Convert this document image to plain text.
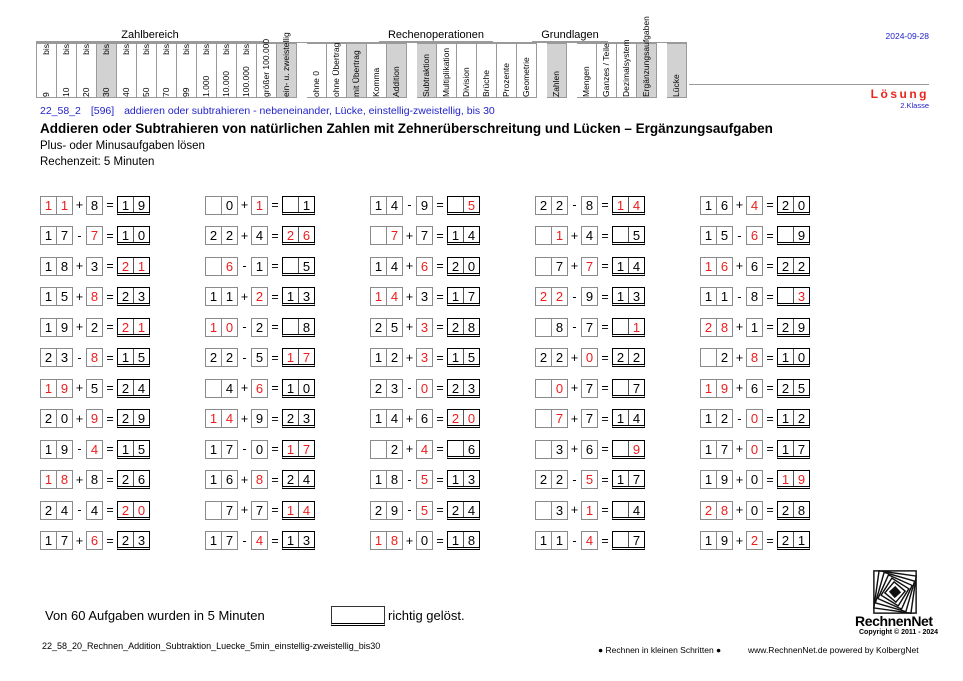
Zahlbereich	Rechenoperationen	Grundlagen
9
bis
10
bis
20
bis
30
bis
40
bis
50
bis
70
bis
99
bis
1.000
bis
10.000
bis
100.000
bis	größer 100.000	ein- u. zweistellig	ohne 0	ohne Übertrag	mit Übertrag	Komma	Addition	Subtraktion	Multiplikation	Division	Brüche	Prozente	Geometrie	Zahlen	Mengen	Ganzes / Teile	Dezimalsystem	Ergänzungsaufgaben	Lücke
2024-09-28
Lösung
2.Klasse
22_58_2 [596] addieren oder subtrahieren - nebeneinander, Lücke, einstellig-zweistellig, bis 30
Addieren oder Subtrahieren von natürlichen Zahlen mit Zehnerüberschreitung und Lücken – Ergänzungsaufgaben
Plus- oder Minusaufgaben lösen
Rechenzeit: 5 Minuten
1 1 + 8 = 1 9
1 7 - 7 = 1 0
1 8 + 3 = 2 1
1 5 + 8 = 2 3
1 9 + 2 = 2 1
2 3 - 8 = 1 5
1 9 + 5 = 2 4
2 0 + 9 = 2 9
1 9 - 4 = 1 5
1 8 + 8 = 2 6
2 4 - 4 = 2 0
1 7 + 6 = 2 3
0 + 1 =	1
2 2 + 4 = 2 6
6 - 1 =	5
1 1 + 2 = 1 3
1 0 - 2 =	8
2 2 - 5 = 1 7
4 + 6 = 1 0
1 4 + 9 = 2 3
1 7 - 0 = 1 7
1 6 + 8 = 2 4
7 + 7 = 1 4
1 7 - 4 = 1 3
1 4 - 9 =	5
7 + 7 = 1 4
1 4 + 6 = 2 0
1 4 + 3 = 1 7
2 5 + 3 = 2 8
1 2 + 3 = 1 5
2 3 - 0 = 2 3
1 4 + 6 = 2 0
2 + 4 =	6
1 8 - 5 = 1 3
2 9 - 5 = 2 4
1 8 + 0 = 1 8
2 2 - 8 = 1 4
1 + 4 =	5
7 + 7 = 1 4
2 2 - 9 = 1 3
8 - 7 =	1
2 2 + 0 = 2 2
0 + 7 =	7
7 + 7 = 1 4
3 + 6 =	9
2 2 - 5 = 1 7
3 + 1 =	4
1 1 - 4 =	7
1 6 + 4 = 2 0
1 5 - 6 =	9
1 6 + 6 = 2 2
1 1 - 8 =	3
2 8 + 1 = 2 9
2 + 8 = 1 0
1 9 + 6 = 2 5
1 2 - 0 = 1 2
1 7 + 0 = 1 7
1 9 + 0 = 1 9
2 8 + 0 = 2 8
1 9 + 2 = 2 1
Von 60 Aufgaben wurden in 5 Minuten	richtig gelöst.
22_58_20_Rechnen_Addition_Subtraktion_Luecke_5min_einstellig-zweistellig_bis30	● Rechnen in kleinen Schritten ●	www.RechnenNet.de powered by KolbergNet
RechnenNet
Copyright © 2011 - 2024
